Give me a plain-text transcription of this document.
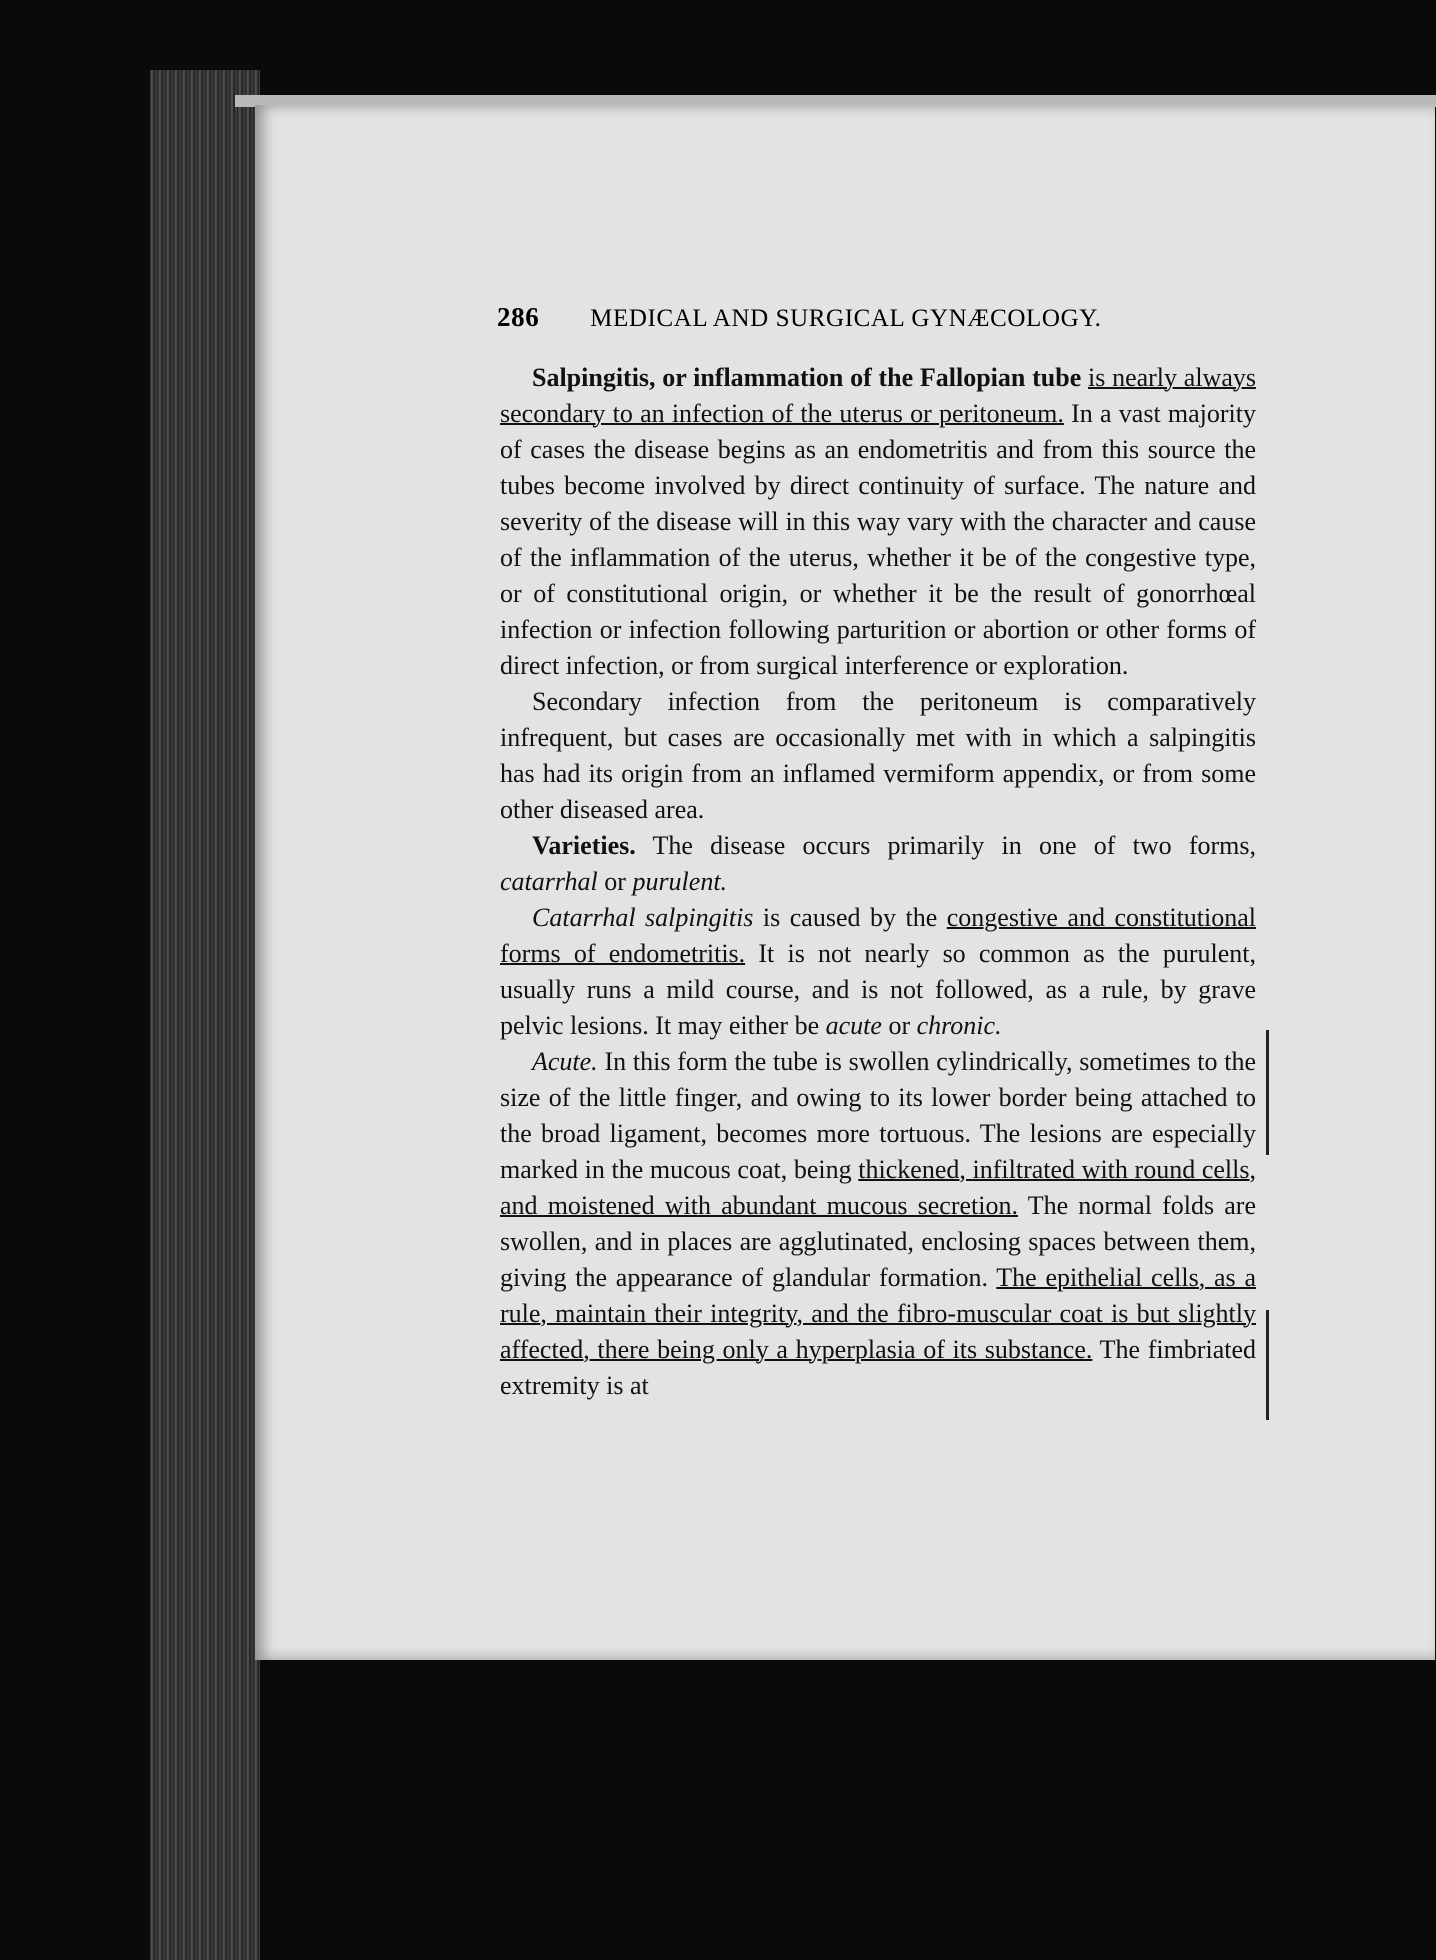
286 MEDICAL AND SURGICAL GYNÆCOLOGY.

Salpingitis, or inflammation of the Fallopian tube is nearly always secondary to an infection of the uterus or peritoneum. In a vast majority of cases the disease begins as an endometritis and from this source the tubes become involved by direct continuity of surface. The nature and severity of the disease will in this way vary with the character and cause of the inflammation of the uterus, whether it be of the congestive type, or of constitutional origin, or whether it be the result of gonorrhœal infection or infection following parturition or abortion or other forms of direct infection, or from surgical interference or exploration.

Secondary infection from the peritoneum is comparatively infrequent, but cases are occasionally met with in which a salpingitis has had its origin from an inflamed vermiform appendix, or from some other diseased area.

Varieties. The disease occurs primarily in one of two forms, catarrhal or purulent.

Catarrhal salpingitis is caused by the congestive and constitutional forms of endometritis. It is not nearly so common as the purulent, usually runs a mild course, and is not followed, as a rule, by grave pelvic lesions. It may either be acute or chronic.

Acute. In this form the tube is swollen cylindrically, sometimes to the size of the little finger, and owing to its lower border being attached to the broad ligament, becomes more tortuous. The lesions are especially marked in the mucous coat, being thickened, infiltrated with round cells, and moistened with abundant mucous secretion. The normal folds are swollen, and in places are agglutinated, enclosing spaces between them, giving the appearance of glandular formation. The epithelial cells, as a rule, maintain their integrity, and the fibro-muscular coat is but slightly affected, there being only a hyperplasia of its substance. The fimbriated extremity is at
